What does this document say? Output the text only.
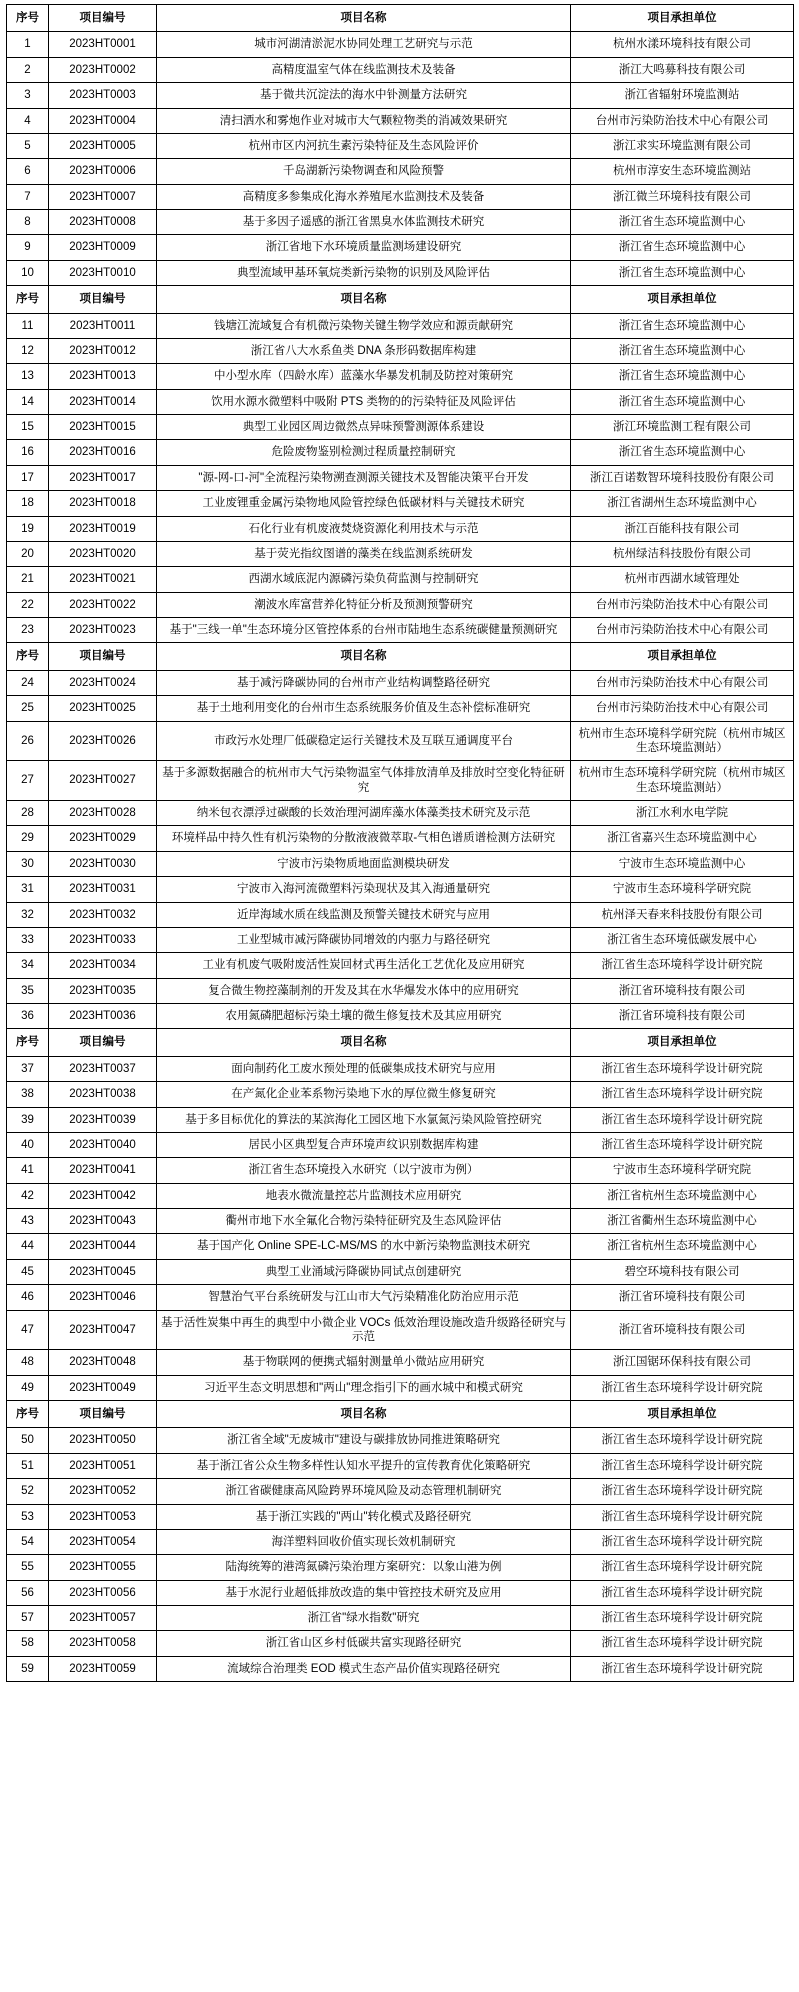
序号	项目编号	项目名称	项目承担单位
1	2023HT0001	城市河湖清淤泥水协同处理工艺研究与示范	杭州水漾环境科技有限公司
2	2023HT0002	高精度温室气体在线监测技术及装备	浙江大鸣募科技有限公司
3	2023HT0003	基于微共沉淀法的海水中钋测量方法研究	浙江省辐射环境监测站
4	2023HT0004	清扫洒水和雾炮作业对城市大气颗粒物类的消减效果研究	台州市污染防治技术中心有限公司
5	2023HT0005	杭州市区内河抗生素污染特征及生态风险评价	浙江求实环境监测有限公司
6	2023HT0006	千岛湖新污染物调查和风险预警	杭州市淳安生态环境监测站
7	2023HT0007	高精度多参集成化海水养殖尾水监测技术及装备	浙江微兰环境科技有限公司
8	2023HT0008	基于多因子遥感的浙江省黑臭水体监测技术研究	浙江省生态环境监测中心
9	2023HT0009	浙江省地下水环境质量监测场建设研究	浙江省生态环境监测中心
10	2023HT0010	典型流域甲基环氧烷类新污染物的识别及风险评估	浙江省生态环境监测中心
序号	项目编号	项目名称	项目承担单位
11	2023HT0011	钱塘江流域复合有机微污染物关键生物学效应和源贡献研究	浙江省生态环境监测中心
12	2023HT0012	浙江省八大水系鱼类 DNA 条形码数据库构建	浙江省生态环境监测中心
13	2023HT0013	中小型水库（四龄水库）蓝藻水华暴发机制及防控对策研究	浙江省生态环境监测中心
14	2023HT0014	饮用水源水微塑料中吸附 PTS 类物的的污染特征及风险评估	浙江省生态环境监测中心
15	2023HT0015	典型工业园区周边微然点异味预警测源体系建设	浙江环境监测工程有限公司
16	2023HT0016	危险废物鉴别检测过程质量控制研究	浙江省生态环境监测中心
17	2023HT0017	"源-网-口-河"全流程污染物溯查测源关键技术及智能决策平台开发	浙江百诺数智环境科技股份有限公司
18	2023HT0018	工业废锂重金属污染物地风险管控绿色低碳材料与关键技术研究	浙江省湖州生态环境监测中心
19	2023HT0019	石化行业有机废液焚烧资源化利用技术与示范	浙江百能科技有限公司
20	2023HT0020	基于荧光指纹图谱的藻类在线监测系统研发	杭州绿洁科技股份有限公司
21	2023HT0021	西湖水域底泥内源磷污染负荷监测与控制研究	杭州市西湖水域管理处
22	2023HT0022	潮波水库富营养化特征分析及预测预警研究	台州市污染防治技术中心有限公司
23	2023HT0023	基于"三线一单"生态环境分区管控体系的台州市陆地生态系统碳健量预测研究	台州市污染防治技术中心有限公司
序号	项目编号	项目名称	项目承担单位
24	2023HT0024	基于减污降碳协同的台州市产业结构调整路径研究	台州市污染防治技术中心有限公司
25	2023HT0025	基于土地利用变化的台州市生态系统服务价值及生态补偿标准研究	台州市污染防治技术中心有限公司
26	2023HT0026	市政污水处理厂低碳稳定运行关键技术及互联互通调度平台	杭州市生态环境科学研究院（杭州市城区生态环境监测站）
27	2023HT0027	基于多源数据融合的杭州市大气污染物温室气体排放清单及排放时空变化特征研究	杭州市生态环境科学研究院（杭州市城区生态环境监测站）
28	2023HT0028	纳米包衣漂浮过碳酸的长效治理河湖库藻水体藻类技术研究及示范	浙江水利水电学院
29	2023HT0029	环境样品中持久性有机污染物的分散液液微萃取-气相色谱质谱检测方法研究	浙江省嘉兴生态环境监测中心
30	2023HT0030	宁波市污染物质地面监测模块研发	宁波市生态环境监测中心
31	2023HT0031	宁波市入海河流微塑料污染现状及其入海通量研究	宁波市生态环境科学研究院
32	2023HT0032	近岸海域水质在线监测及预警关键技术研究与应用	杭州泽天春来科技股份有限公司
33	2023HT0033	工业型城市减污降碳协同增效的内驱力与路径研究	浙江省生态环境低碳发展中心
34	2023HT0034	工业有机废气吸附废活性炭回材式再生活化工艺优化及应用研究	浙江省生态环境科学设计研究院
35	2023HT0035	复合微生物控藻制剂的开发及其在水华爆发水体中的应用研究	浙江省环境科技有限公司
36	2023HT0036	农用氮磷肥超标污染土壤的微生修复技术及其应用研究	浙江省环境科技有限公司
序号	项目编号	项目名称	项目承担单位
37	2023HT0037	面向制药化工废水预处理的低碳集成技术研究与应用	浙江省生态环境科学设计研究院
38	2023HT0038	在产氮化企业苯系物污染地下水的厚位微生修复研究	浙江省生态环境科学设计研究院
39	2023HT0039	基于多目标优化的算法的某滨海化工园区地下水氯氮污染风险管控研究	浙江省生态环境科学设计研究院
40	2023HT0040	居民小区典型复合声环境声纹识别数据库构建	浙江省生态环境科学设计研究院
41	2023HT0041	浙江省生态环境投入水研究（以宁波市为例）	宁波市生态环境科学研究院
42	2023HT0042	地表水微流量控芯片监测技术应用研究	浙江省杭州生态环境监测中心
43	2023HT0043	衢州市地下水全氟化合物污染特征研究及生态风险评估	浙江省衢州生态环境监测中心
44	2023HT0044	基于国产化 Online SPE-LC-MS/MS 的水中新污染物监测技术研究	浙江省杭州生态环境监测中心
45	2023HT0045	典型工业涌域污降碳协同试点创建研究	碧空环境科技有限公司
46	2023HT0046	智慧治气平台系统研发与江山市大气污染精准化防治应用示范	浙江省环境科技有限公司
47	2023HT0047	基于活性炭集中再生的典型中小微企业 VOCs 低效治理设施改造升级路径研究与示范	浙江省环境科技有限公司
48	2023HT0048	基于物联网的便携式辐射测量单小微站应用研究	浙江国锯环保科技有限公司
49	2023HT0049	习近平生态文明思想和"两山"理念指引下的画水城中和模式研究	浙江省生态环境科学设计研究院
序号	项目编号	项目名称	项目承担单位
50	2023HT0050	浙江省全域"无废城市"建设与碳排放协同推进策略研究	浙江省生态环境科学设计研究院
51	2023HT0051	基于浙江省公众生物多样性认知水平提升的宣传教育优化策略研究	浙江省生态环境科学设计研究院
52	2023HT0052	浙江省碳健康高风险跨界环境风险及动态管理机制研究	浙江省生态环境科学设计研究院
53	2023HT0053	基于浙江实践的"两山"转化模式及路径研究	浙江省生态环境科学设计研究院
54	2023HT0054	海洋塑料回收价值实现长效机制研究	浙江省生态环境科学设计研究院
55	2023HT0055	陆海统筹的港湾氮磷污染治理方案研究：以象山港为例	浙江省生态环境科学设计研究院
56	2023HT0056	基于水泥行业超低排放改造的集中管控技术研究及应用	浙江省生态环境科学设计研究院
57	2023HT0057	浙江省"绿水指数"研究	浙江省生态环境科学设计研究院
58	2023HT0058	浙江省山区乡村低碳共富实现路径研究	浙江省生态环境科学设计研究院
59	2023HT0059	流域综合治理类 EOD 模式生态产品价值实现路径研究	浙江省生态环境科学设计研究院
